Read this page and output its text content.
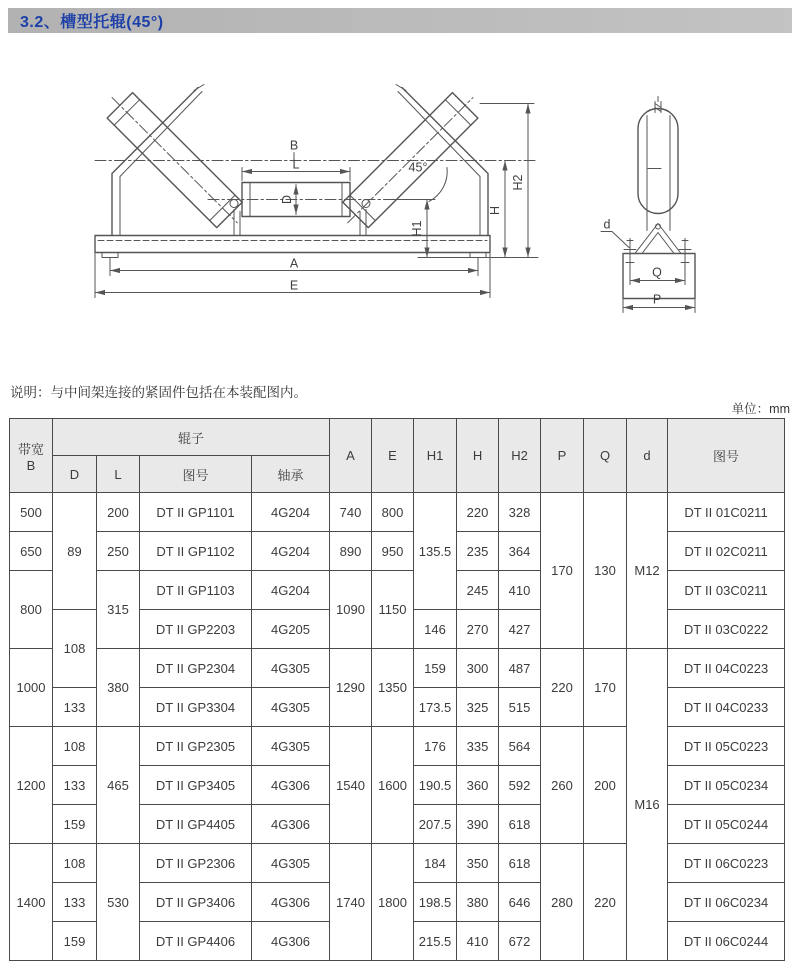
3.2、槽型托辊(45°)
B
L
D
45°
H1
H
H2
A
E
d
Q
P
说明：与中间架连接的紧固件包括在本装配图内。
单位：mm
带宽
B	辊子				A	E	H1	H	H2	P	Q	d	图号
	D	L	图号	轴承									
500	89	200	DT II GP1101	4G204	740	800	135.5	220	328	170	130	M12	DT II 01C0211
650		250	DT II GP1102	4G204	890	950		235	364				DT II 02C0211
800		315	DT II GP1103	4G204	1090	1150		245	410				DT II 03C0211
	108		DT II GP2203	4G205			146	270	427				DT II 03C0222
1000		380	DT II GP2304	4G305	1290	1350	159	300	487	220	170	M16	DT II 04C0223
	133		DT II GP3304	4G305			173.5	325	515				DT II 04C0233
1200	108	465	DT II GP2305	4G305	1540	1600	176	335	564	260	200		DT II 05C0223
	133		DT II GP3405	4G306			190.5	360	592				DT II 05C0234
	159		DT II GP4405	4G306			207.5	390	618				DT II 05C0244
1400	108	530	DT II GP2306	4G305	1740	1800	184	350	618	280	220		DT II 06C0223
	133		DT II GP3406	4G306			198.5	380	646				DT II 06C0234
	159		DT II GP4406	4G306			215.5	410	672				DT II 06C0244
